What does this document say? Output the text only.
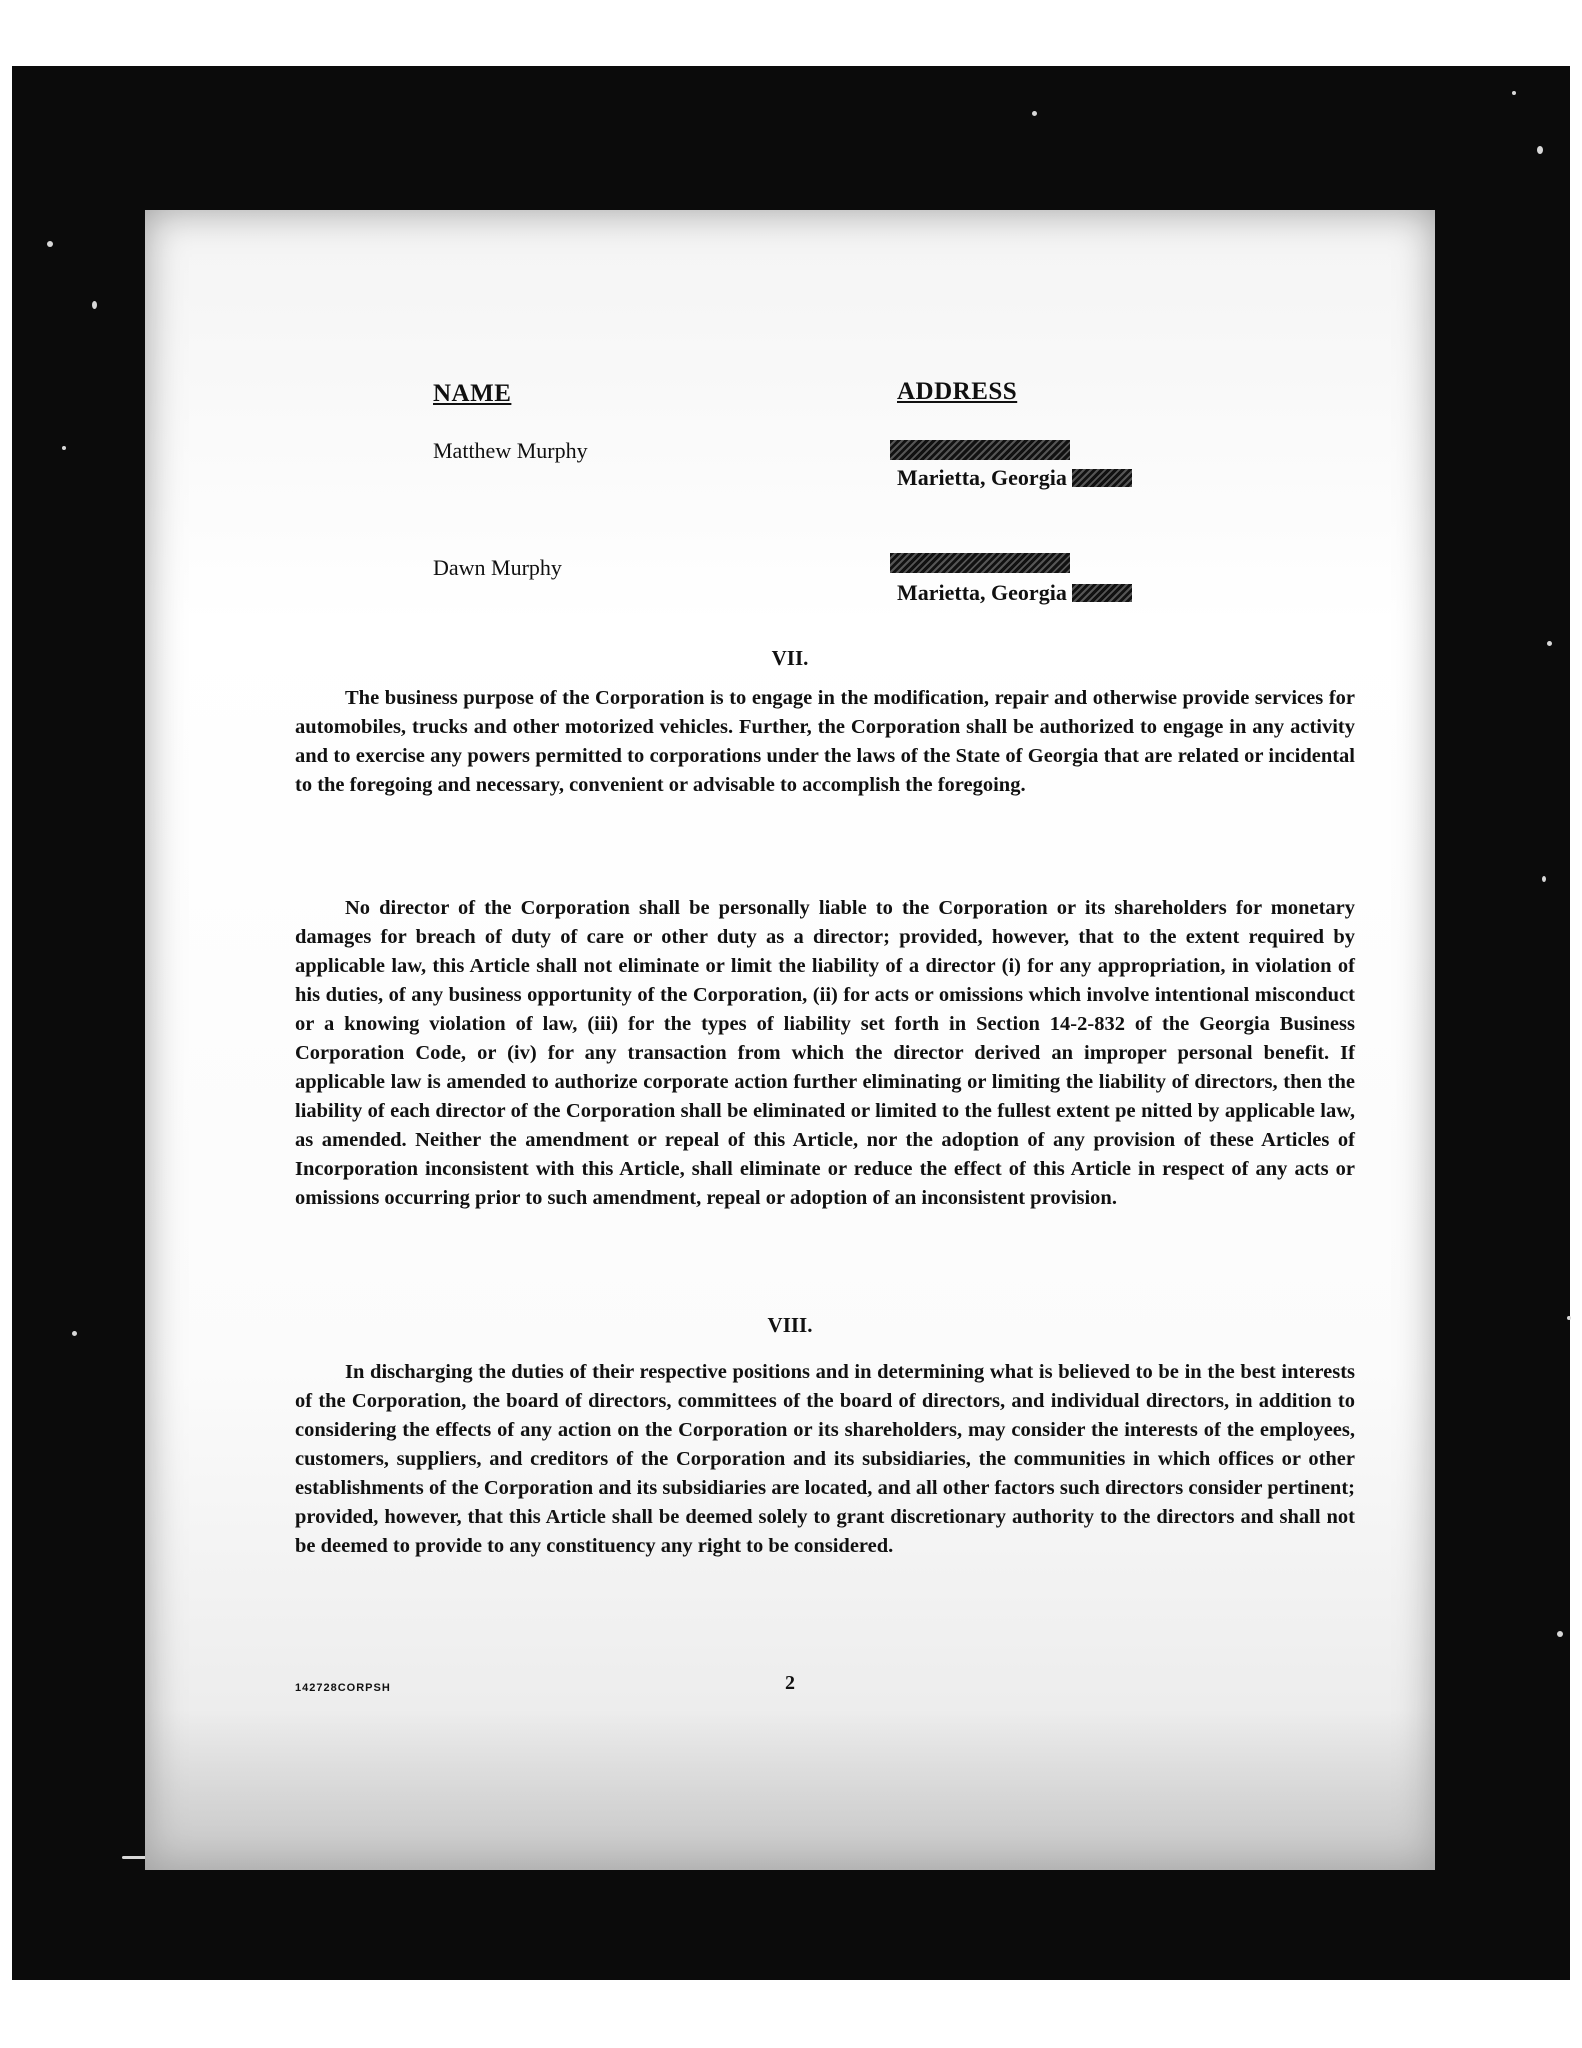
NAME	ADDRESS
Matthew Murphy
Marietta, Georgia
Dawn Murphy
Marietta, Georgia
VII.

The business purpose of the Corporation is to engage in the modification, repair and otherwise provide services for automobiles, trucks and other motorized vehicles. Further, the Corporation shall be authorized to engage in any activity and to exercise any powers permitted to corporations under the laws of the State of Georgia that are related or incidental to the foregoing and necessary, convenient or advisable to accomplish the foregoing.

No director of the Corporation shall be personally liable to the Corporation or its shareholders for monetary damages for breach of duty of care or other duty as a director; provided, however, that to the extent required by applicable law, this Article shall not eliminate or limit the liability of a director (i) for any appropriation, in violation of his duties, of any business opportunity of the Corporation, (ii) for acts or omissions which involve intentional misconduct or a knowing violation of law, (iii) for the types of liability set forth in Section 14-2-832 of the Georgia Business Corporation Code, or (iv) for any transaction from which the director derived an improper personal benefit. If applicable law is amended to authorize corporate action further eliminating or limiting the liability of directors, then the liability of each director of the Corporation shall be eliminated or limited to the fullest extent pe nitted by applicable law, as amended. Neither the amendment or repeal of this Article, nor the adoption of any provision of these Articles of Incorporation inconsistent with this Article, shall eliminate or reduce the effect of this Article in respect of any acts or omissions occurring prior to such amendment, repeal or adoption of an inconsistent provision.

VIII.

In discharging the duties of their respective positions and in determining what is believed to be in the best interests of the Corporation, the board of directors, committees of the board of directors, and individual directors, in addition to considering the effects of any action on the Corporation or its shareholders, may consider the interests of the employees, customers, suppliers, and creditors of the Corporation and its subsidiaries, the communities in which offices or other establishments of the Corporation and its subsidiaries are located, and all other factors such directors consider pertinent; provided, however, that this Article shall be deemed solely to grant discretionary authority to the directors and shall not be deemed to provide to any constituency any right to be considered.

142728CORPSH	2
